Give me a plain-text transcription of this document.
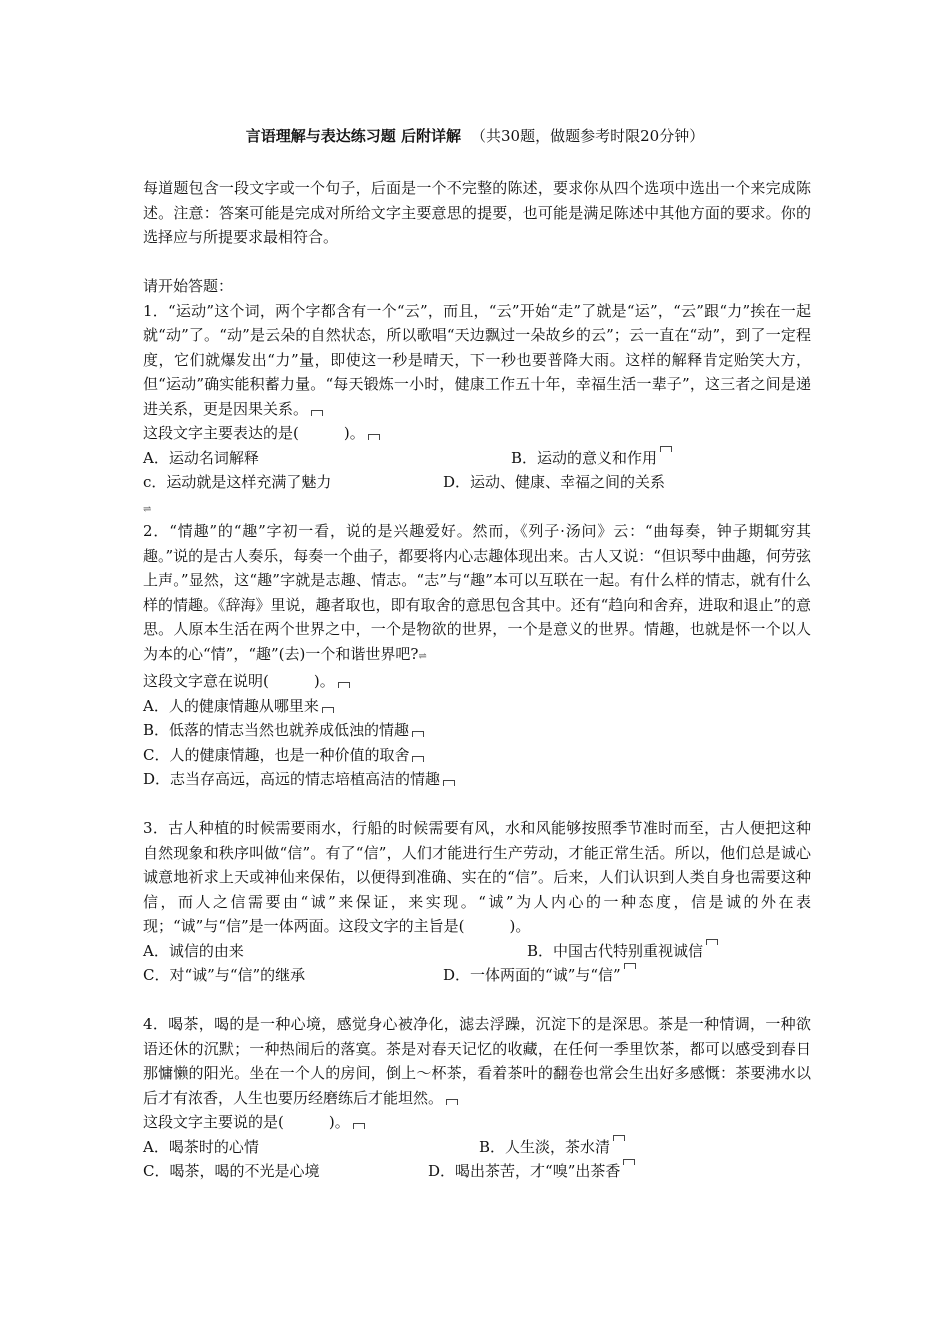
言语理解与表达练习题 后附详解 （共30题，做题参考时限20分钟）
每道题包含一段文字或一个句子，后面是一个不完整的陈述，要求你从四个选项中选出一个来完成陈述。注意：答案可能是完成对所给文字主要意思的提要，也可能是满足陈述中其他方面的要求。你的选择应与所提要求最相符合。
请开始答题：
1．“运动”这个词，两个字都含有一个“云”，而且，“云”开始“走”了就是“运”，“云”跟“力”挨在一起就“动”了。“动”是云朵的自然状态，所以歌唱“天边飘过一朵故乡的云”；云一直在“动”，到了一定程度，它们就爆发出“力”量，即使这一秒是晴天，下一秒也要普降大雨。这样的解释肯定贻笑大方，但“运动”确实能积蓄力量。“每天锻炼一小时，健康工作五十年，幸福生活一辈子”，这三者之间是递进关系，更是因果关系。
这段文字主要表达的是(　　　)。
A．运动名词解释	B．运动的意义和作用
c．运动就是这样充满了魅力	D．运动、健康、幸福之间的关系
⇌
2．“情趣”的“趣”字初一看，说的是兴趣爱好。然而，《列子·汤问》云：“曲每奏，钟子期辄穷其趣。”说的是古人奏乐，每奏一个曲子，都要将内心志趣体现出来。古人又说：“但识琴中曲趣，何劳弦上声。”显然，这“趣”字就是志趣、情志。“志”与“趣”本可以互联在一起。有什么样的情志，就有什么样的情趣。《辞海》里说，趣者取也，即有取舍的意思包含其中。还有“趋向和舍弃，进取和退止”的意思。人原本生活在两个世界之中，一个是物欲的世界，一个是意义的世界。情趣，也就是怀一个以人为本的心“情”，“趣”(去)一个和谐世界吧?⇌
这段文字意在说明(　　　)。
A．人的健康情趣从哪里来
B．低落的情志当然也就养成低浊的情趣
C．人的健康情趣，也是一种价值的取舍
D．志当存高远，高远的情志培植高洁的情趣
3．古人种植的时候需要雨水，行船的时候需要有风，水和风能够按照季节准时而至，古人便把这种自然现象和秩序叫做“信”。有了“信”，人们才能进行生产劳动，才能正常生活。所以，他们总是诚心诚意地祈求上天或神仙来保佑，以便得到准确、实在的“信”。后来，人们认识到人类自身也需要这种信，而人之信需要由“诚”来保证，来实现。“诚”为人内心的一种态度，信是诚的外在表现；“诚”与“信”是一体两面。这段文字的主旨是(　　　)。
A．诚信的由来	B．中国古代特别重视诚信
C．对“诚”与“信”的继承	D．一体两面的“诚”与“信”
4．喝茶，喝的是一种心境，感觉身心被净化，滤去浮躁，沉淀下的是深思。茶是一种情调，一种欲语还休的沉默；一种热闹后的落寞。茶是对春天记忆的收藏，在任何一季里饮茶，都可以感受到春日那慵懒的阳光。坐在一个人的房间，倒上～杯茶，看着茶叶的翻卷也常会生出好多感慨：茶要沸水以后才有浓香，人生也要历经磨练后才能坦然。
这段文字主要说的是(　　　)。
A．喝茶时的心情	B．人生淡，茶水清
C．喝茶，喝的不光是心境	D．喝出茶苦，才“嗅”出茶香
